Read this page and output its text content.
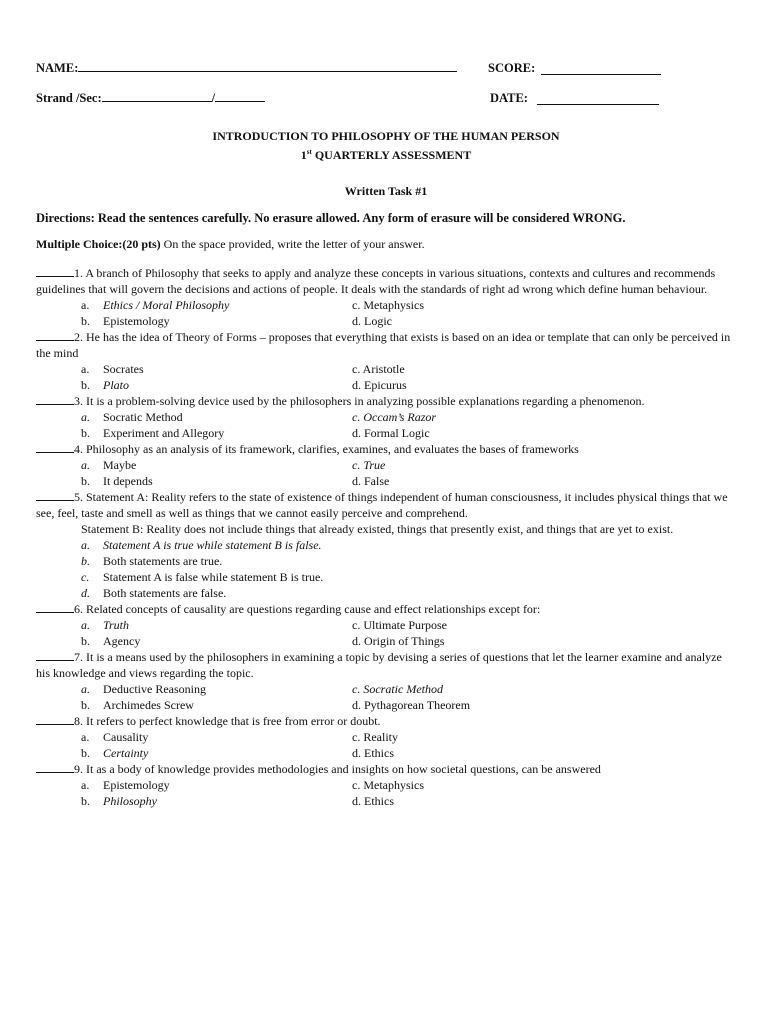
NAME:	SCORE:
Strand /Sec:	/	DATE:
INTRODUCTION TO PHILOSOPHY OF THE HUMAN PERSON
1st QUARTERLY ASSESSMENT
Written Task #1
Directions: Read the sentences carefully. No erasure allowed. Any form of erasure will be considered WRONG.
Multiple Choice:(20 pts) On the space provided, write the letter of your answer.

1. A branch of Philosophy that seeks to apply and analyze these concepts in various situations, contexts and cultures and recommends guidelines that will govern the decisions and actions of people. It deals with the standards of right ad wrong which define human behaviour.

a. Ethics / Moral Philosophy	c. Metaphysics
b. Epistemology	d. Logic

2. He has the idea of Theory of Forms – proposes that everything that exists is based on an idea or template that can only be perceived in the mind

a. Socrates	c. Aristotle
b. Plato	d. Epicurus

3. It is a problem-solving device used by the philosophers in analyzing possible explanations regarding a phenomenon.

a. Socratic Method	c. Occam’s Razor
b. Experiment and Allegory	d. Formal Logic

4. Philosophy as an analysis of its framework, clarifies, examines, and evaluates the bases of frameworks

a. Maybe	c. True
b. It depends	d. False

5. Statement A: Reality refers to the state of existence of things independent of human consciousness, it includes physical things that we see, feel, taste and smell as well as things that we cannot easily perceive and comprehend.

Statement B: Reality does not include things that already existed, things that presently exist, and things that are yet to exist.

a. Statement A is true while statement B is false.
b. Both statements are true.
c. Statement A is false while statement B is true.
d. Both statements are false.

6. Related concepts of causality are questions regarding cause and effect relationships except for:

a. Truth	c. Ultimate Purpose
b. Agency	d. Origin of Things

7. It is a means used by the philosophers in examining a topic by devising a series of questions that let the learner examine and analyze his knowledge and views regarding the topic.

a. Deductive Reasoning	c. Socratic Method
b. Archimedes Screw	d. Pythagorean Theorem

8. It refers to perfect knowledge that is free from error or doubt.

a. Causality	c. Reality
b. Certainty	d. Ethics

9. It as a body of knowledge provides methodologies and insights on how societal questions, can be answered

a. Epistemology	c. Metaphysics
b. Philosophy	d. Ethics
